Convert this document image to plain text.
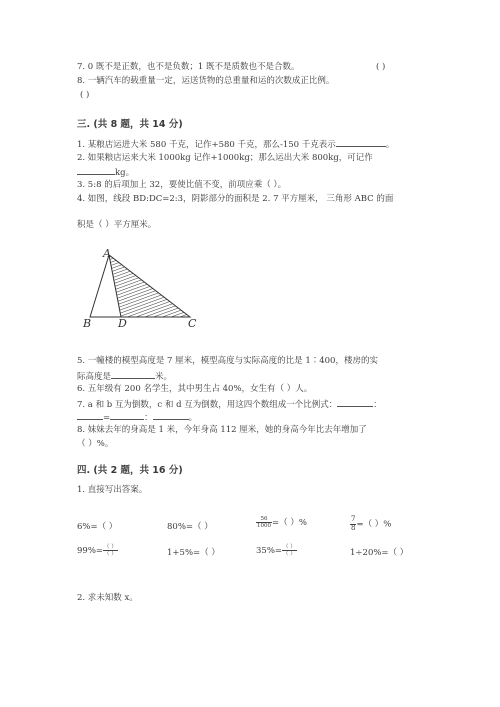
7. 0 既不是正数，也不是负数；1 既不是质数也不是合数。	( )
8. 一辆汽车的载重量一定，运送货物的总重量和运的次数成正比例。
( )
三. (共 8 题，共 14 分)
1. 某粮店运进大米 580 千克，记作+580 千克，那么-150 千克表示	。
2. 如果粮店运来大米 1000kg 记作+1000kg；那么运出大米 800kg，可记作
kg。
3. 5:8 的后项加上 32，要使比值不变，前项应乘（ ）。
4. 如图，线段 BD:DC=2:3，阴影部分的面积是 2. 7 平方厘米， 三角形 ABC 的面
积是（ ）平方厘米。
A
B D	C
5. 一幢楼的模型高度是 7 厘米，模型高度与实际高度的比是 1∶400，楼房的实
际高度是	米。
6. 五年级有 200 名学生，其中男生占 40%，女生有（ ）人。
7. a 和 b 互为倒数，c 和 d 互为倒数，用这四个数组成一个比例式：	：
=	：	。
8. 妹妹去年的身高是 1 米，今年身高 112 厘米，她的身高今年比去年增加了
（ ）%。
四. (共 2 题，共 16 分)
1. 直接写出答案。
6%=（ ）	80%=（ ）	$\frac{56}{1000}$ =（ ）%	$\frac{7}{8}$ =（ ）%
$99\%= \frac{( )}{( )}$	1+5%=（ ）	$35\%= \frac{( )}{( )}$	1÷20%=（ ）
2. 求未知数 x。
